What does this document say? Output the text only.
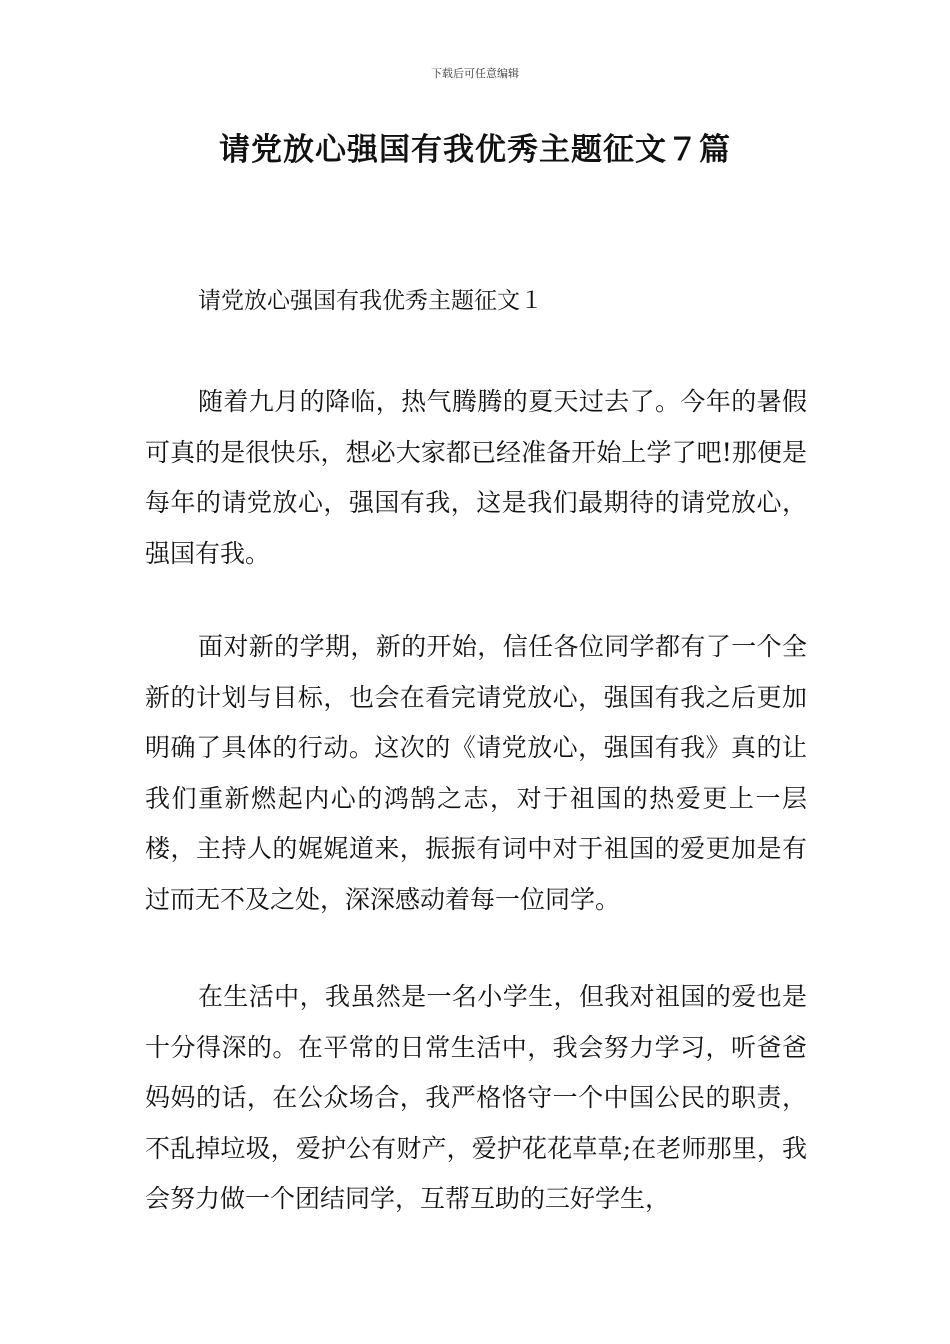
下载后可任意编辑
请党放心强国有我优秀主题征文７篇
请党放心强国有我优秀主题征文１

随着九月的降临，热气腾腾的夏天过去了。今年的暑假可真的是很快乐，想必大家都已经准备开始上学了吧!那便是每年的请党放心，强国有我，这是我们最期待的请党放心，强国有我。

面对新的学期，新的开始，信任各位同学都有了一个全新的计划与目标，也会在看完请党放心，强国有我之后更加明确了具体的行动。这次的《请党放心，强国有我》真的让我们重新燃起内心的鸿鹄之志，对于祖国的热爱更上一层楼，主持人的娓娓道来，振振有词中对于祖国的爱更加是有过而无不及之处，深深感动着每一位同学。

在生活中，我虽然是一名小学生，但我对祖国的爱也是十分得深的。在平常的日常生活中，我会努力学习，听爸爸妈妈的话，在公众场合，我严格恪守一个中国公民的职责，不乱掉垃圾，爱护公有财产，爱护花花草草;在老师那里，我会努力做一个团结同学，互帮互助的三好学生，
